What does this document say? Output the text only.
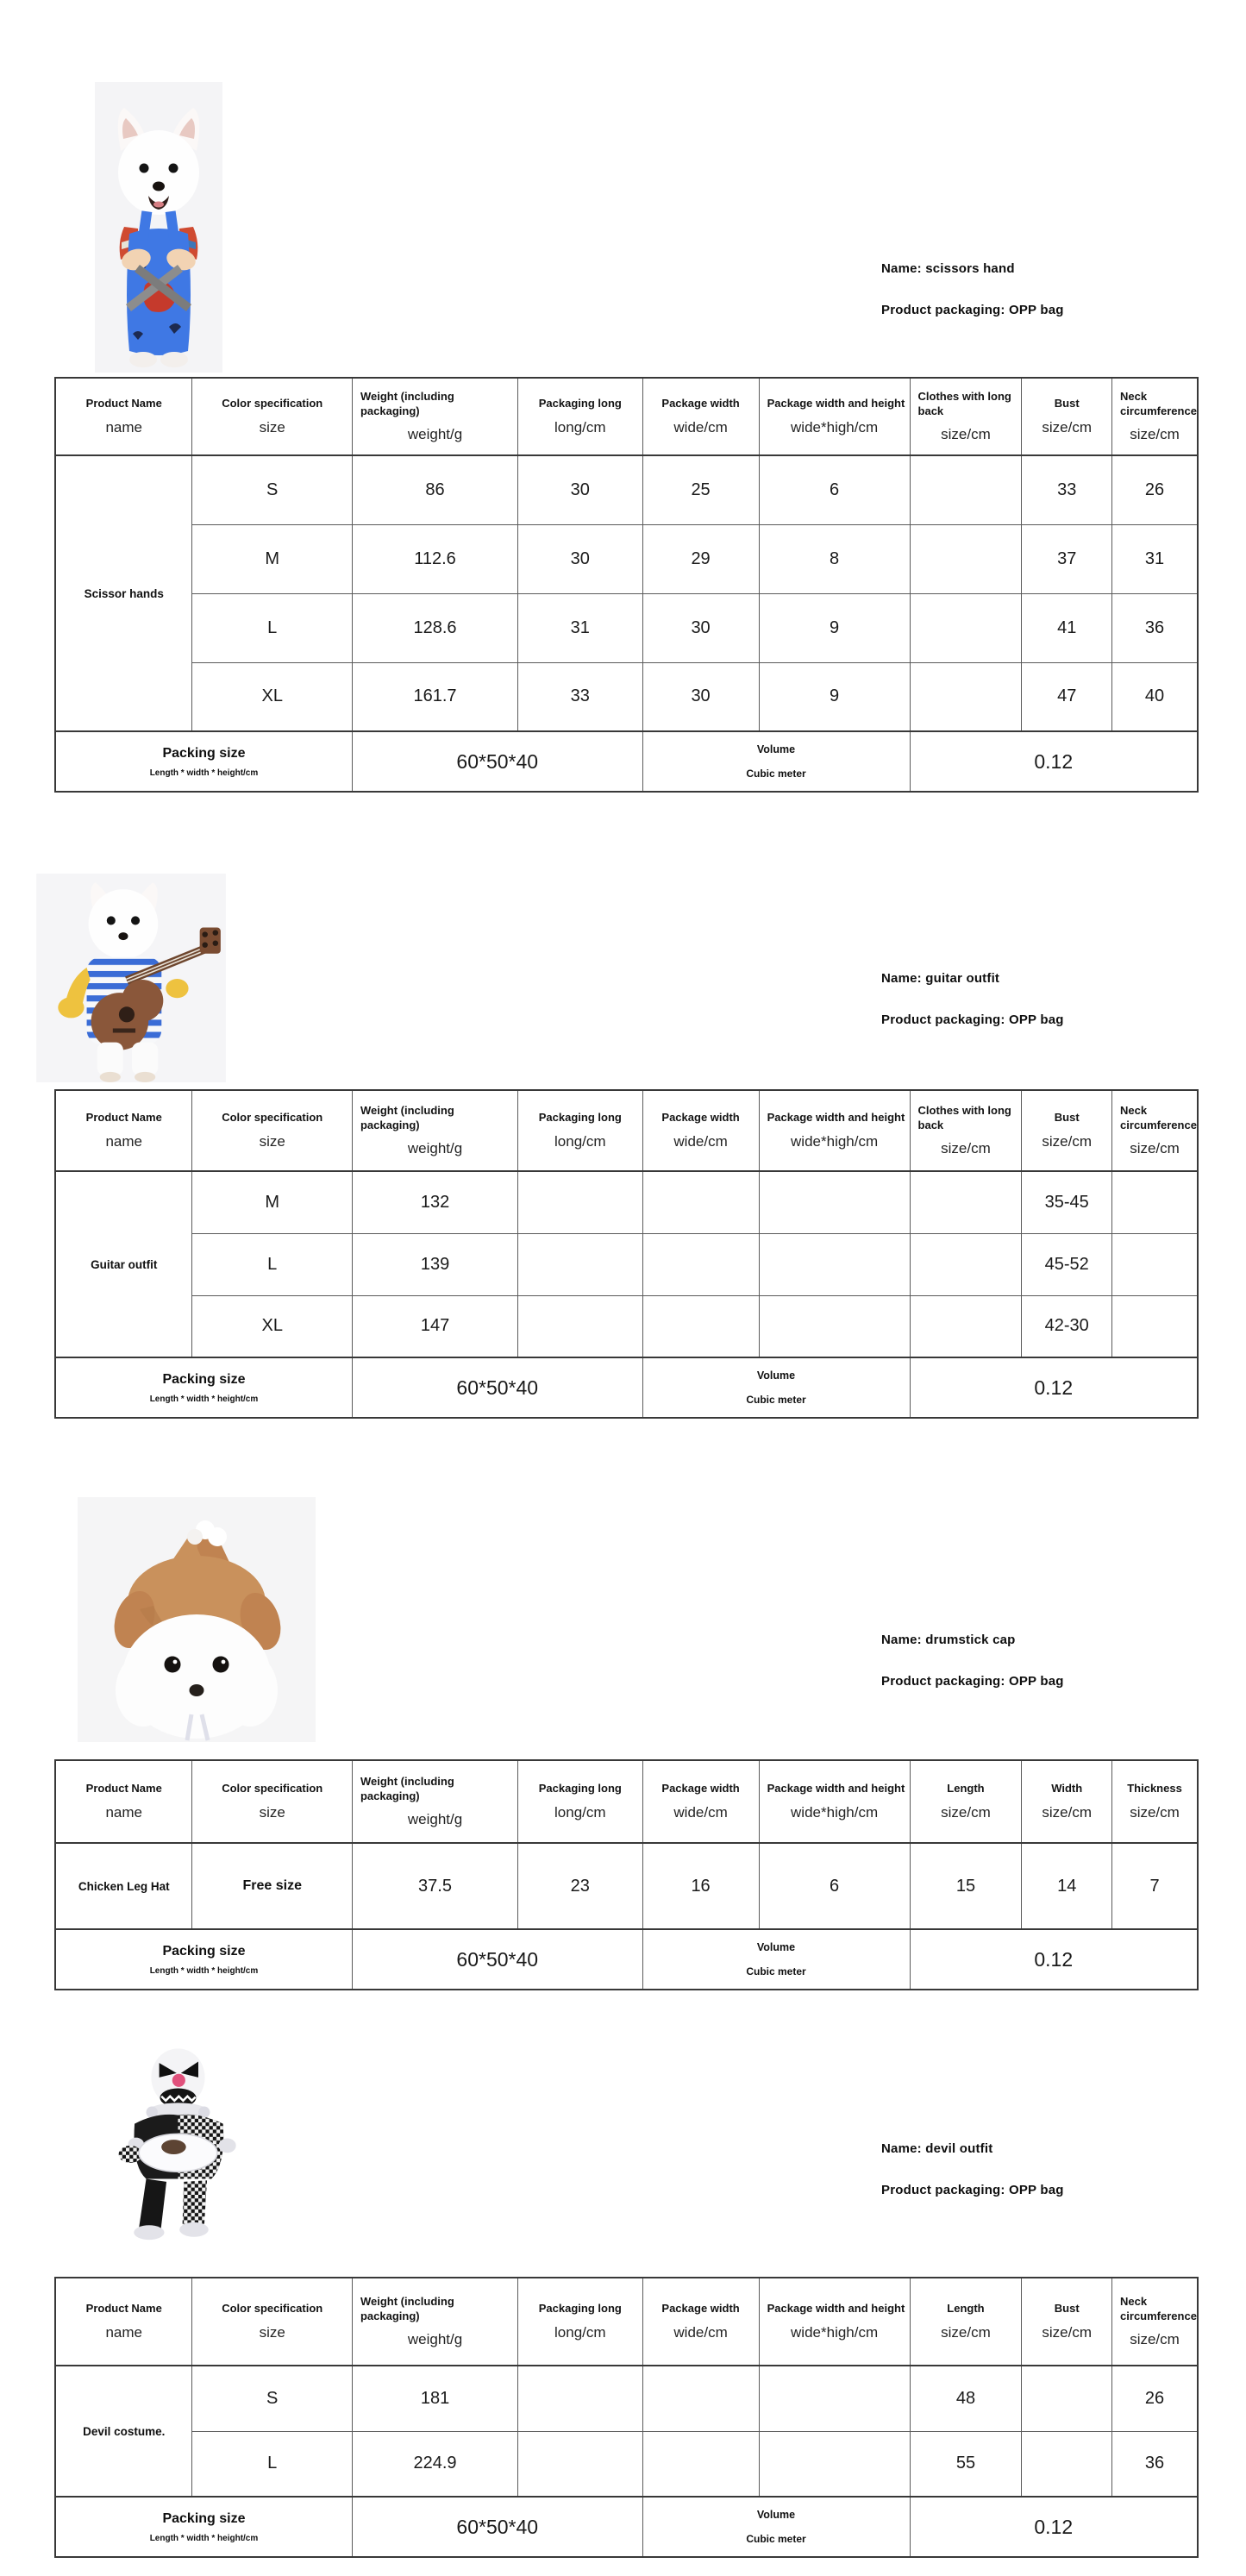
Name: scissors hand
Product packaging: OPP bag
Product Name
name

Color specification
size

Weight (including packaging)
weight/g

Packaging long
long/cm

Package width
wide/cm

Package width and height
wide*high/cm

Clothes with long back
size/cm

Bust
size/cm

Neck circumference
size/cm

Scissor hands	S	86	30	25	6		33	26
	M	112.6	30	29	8		37	31
	L	128.6	31	30	9		41	36
	XL	161.7	33	30	9		47	40

Packing size
Length * width * height/cm

60*50*40

Volume
Cubic meter

0.12
Name: guitar outfit
Product packaging: OPP bag
Product Name
name

Color specification
size

Weight (including packaging)
weight/g

Packaging long
long/cm

Package width
wide/cm

Package width and height
wide*high/cm

Clothes with long back
size/cm

Bust
size/cm

Neck circumference
size/cm

Guitar outfit	M	132					35-45	
	L	139					45-52	
	XL	147					42-30	

Packing size
Length * width * height/cm

60*50*40

Volume
Cubic meter

0.12
Name: drumstick cap
Product packaging: OPP bag
Product Name
name

Color specification
size

Weight (including packaging)
weight/g

Packaging long
long/cm

Package width
wide/cm

Package width and height
wide*high/cm

Length
size/cm

Width
size/cm

Thickness
size/cm

Chicken Leg Hat	Free size	37.5	23	16	6	15	14	7

Packing size
Length * width * height/cm

60*50*40

Volume
Cubic meter

0.12
Name: devil outfit
Product packaging: OPP bag
Product Name
name

Color specification
size

Weight (including packaging)
weight/g

Packaging long
long/cm

Package width
wide/cm

Package width and height
wide*high/cm

Length
size/cm

Bust
size/cm

Neck circumference
size/cm

Devil costume.	S	181				48		26
	L	224.9				55		36

Packing size
Length * width * height/cm

60*50*40

Volume
Cubic meter

0.12
